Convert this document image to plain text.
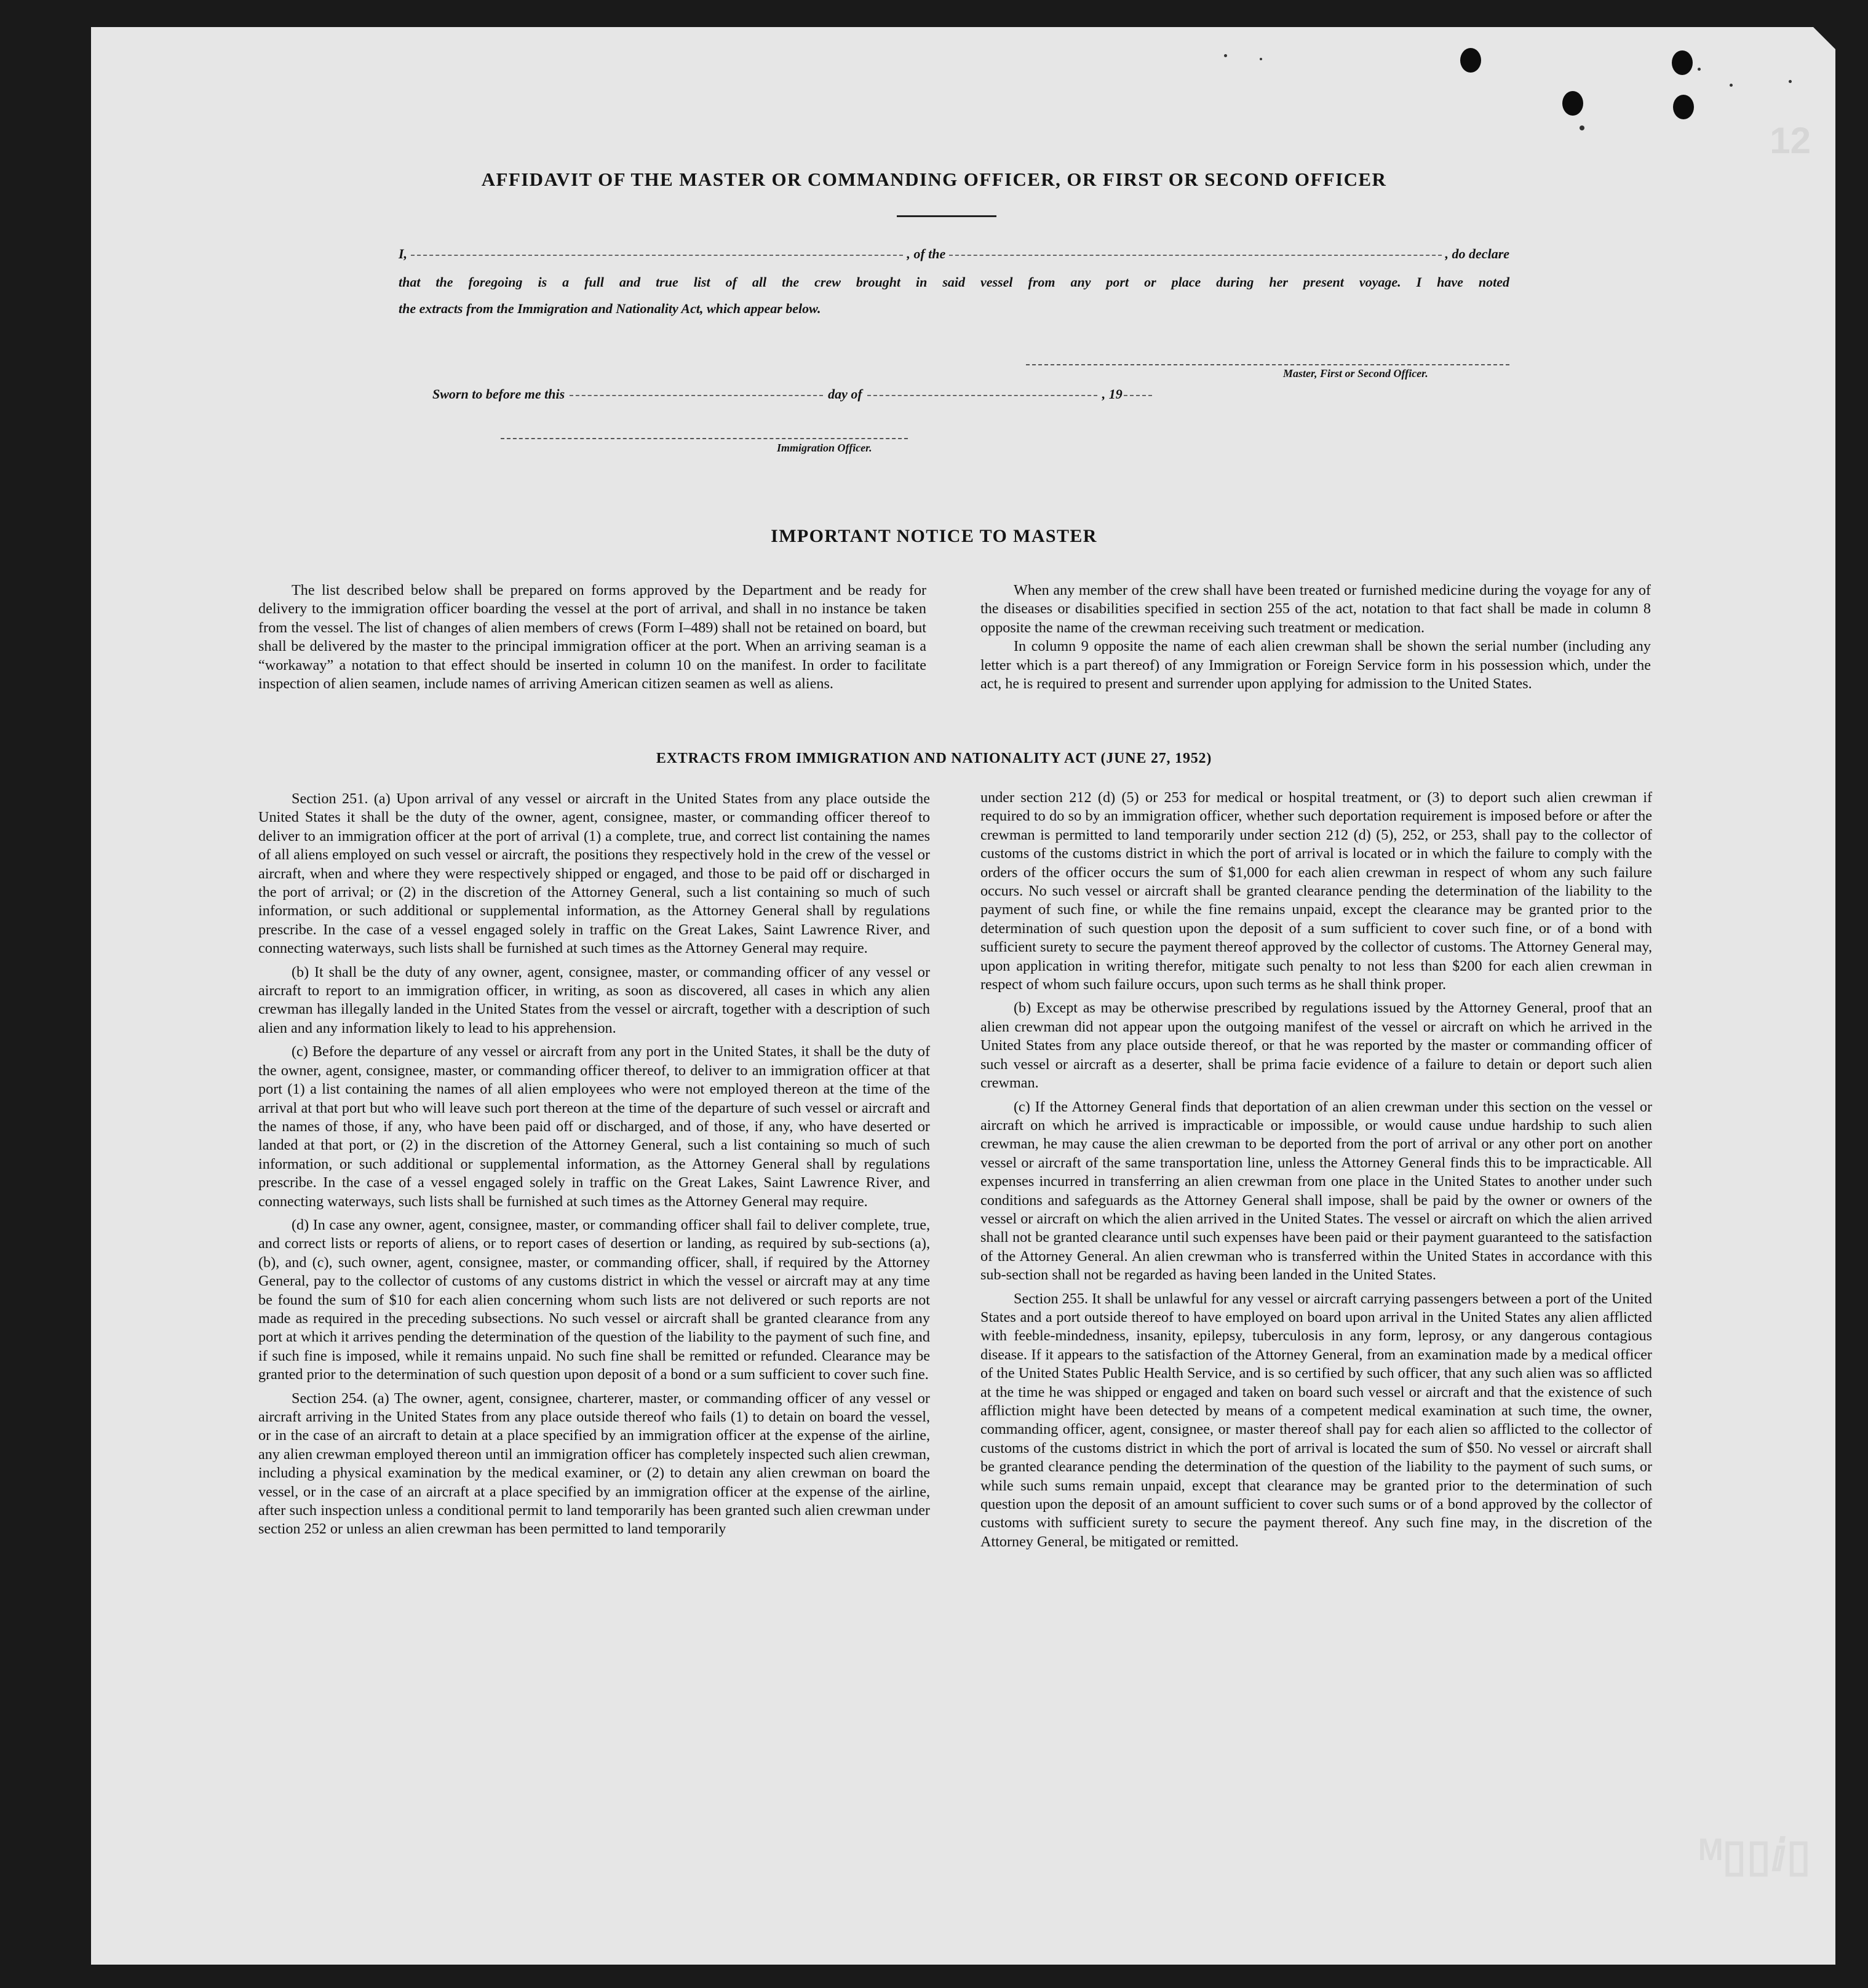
12
ᴹ▯▯ⅈ▯
AFFIDAVIT OF THE MASTER OR COMMANDING OFFICER, OR FIRST OR SECOND OFFICER
I,	, of the	, do declare
that the foregoing is a full and true list of all the crew brought in said vessel from any port or place during her present voyage. I have noted
the extracts from the Immigration and Nationality Act, which appear below.
Master, First or Second Officer.
Sworn to before me this	day of	, 19
Immigration Officer.
IMPORTANT NOTICE TO MASTER

The list described below shall be prepared on forms approved by the Department and be ready for delivery to the immigration officer boarding the vessel at the port of arrival, and shall in no instance be taken from the vessel. The list of changes of alien members of crews (Form I–489) shall not be retained on board, but shall be delivered by the master to the principal immigration officer at the port. When an arriving seaman is a “workaway” a notation to that effect should be inserted in column 10 on the manifest. In order to facilitate inspection of alien seamen, include names of arriving American citizen seamen as well as aliens.

When any member of the crew shall have been treated or furnished medicine during the voyage for any of the diseases or disabilities specified in section 255 of the act, notation to that fact shall be made in column 8 opposite the name of the crewman receiving such treatment or medication.

In column 9 opposite the name of each alien crewman shall be shown the serial number (including any letter which is a part thereof) of any Immigration or Foreign Service form in his possession which, under the act, he is required to present and surrender upon applying for admission to the United States.

EXTRACTS FROM IMMIGRATION AND NATIONALITY ACT (JUNE 27, 1952)

Section 251. (a) Upon arrival of any vessel or aircraft in the United States from any place outside the United States it shall be the duty of the owner, agent, consignee, master, or commanding officer thereof to deliver to an immigration officer at the port of arrival (1) a complete, true, and correct list containing the names of all aliens employed on such vessel or aircraft, the positions they respectively hold in the crew of the vessel or aircraft, when and where they were respectively shipped or engaged, and those to be paid off or discharged in the port of arrival; or (2) in the discretion of the Attorney General, such a list containing so much of such information, or such additional or supplemental information, as the Attorney General shall by regulations prescribe. In the case of a vessel engaged solely in traffic on the Great Lakes, Saint Lawrence River, and connecting waterways, such lists shall be furnished at such times as the Attorney General may require.

(b) It shall be the duty of any owner, agent, consignee, master, or commanding officer of any vessel or aircraft to report to an immigration officer, in writing, as soon as discovered, all cases in which any alien crewman has illegally landed in the United States from the vessel or aircraft, together with a description of such alien and any information likely to lead to his apprehension.

(c) Before the departure of any vessel or aircraft from any port in the United States, it shall be the duty of the owner, agent, consignee, master, or commanding officer thereof, to deliver to an immigration officer at that port (1) a list containing the names of all alien employees who were not employed thereon at the time of the arrival at that port but who will leave such port thereon at the time of the departure of such vessel or aircraft and the names of those, if any, who have been paid off or discharged, and of those, if any, who have deserted or landed at that port, or (2) in the discretion of the Attorney General, such a list containing so much of such information, or such additional or supplemental information, as the Attorney General shall by regulations prescribe. In the case of a vessel engaged solely in traffic on the Great Lakes, Saint Lawrence River, and connecting waterways, such lists shall be furnished at such times as the Attorney General may require.

(d) In case any owner, agent, consignee, master, or commanding officer shall fail to deliver complete, true, and correct lists or reports of aliens, or to report cases of desertion or landing, as required by sub-sections (a), (b), and (c), such owner, agent, consignee, master, or commanding officer, shall, if required by the Attorney General, pay to the collector of customs of any customs district in which the vessel or aircraft may at any time be found the sum of $10 for each alien concerning whom such lists are not delivered or such reports are not made as required in the preceding subsections. No such vessel or aircraft shall be granted clearance from any port at which it arrives pending the determination of the question of the liability to the payment of such fine, and if such fine is imposed, while it remains unpaid. No such fine shall be remitted or refunded. Clearance may be granted prior to the determination of such question upon deposit of a bond or a sum sufficient to cover such fine.

Section 254. (a) The owner, agent, consignee, charterer, master, or commanding officer of any vessel or aircraft arriving in the United States from any place outside thereof who fails (1) to detain on board the vessel, or in the case of an aircraft to detain at a place specified by an immigration officer at the expense of the airline, any alien crewman employed thereon until an immigration officer has completely inspected such alien crewman, including a physical examination by the medical examiner, or (2) to detain any alien crewman on board the vessel, or in the case of an aircraft at a place specified by an immigration officer at the expense of the airline, after such inspection unless a conditional permit to land temporarily has been granted such alien crewman under section 252 or unless an alien crewman has been permitted to land temporarily

under section 212 (d) (5) or 253 for medical or hospital treatment, or (3) to deport such alien crewman if required to do so by an immigration officer, whether such deportation requirement is imposed before or after the crewman is permitted to land temporarily under section 212 (d) (5), 252, or 253, shall pay to the collector of customs of the customs district in which the port of arrival is located or in which the failure to comply with the orders of the officer occurs the sum of $1,000 for each alien crewman in respect of whom any such failure occurs. No such vessel or aircraft shall be granted clearance pending the determination of the liability to the payment of such fine, or while the fine remains unpaid, except the clearance may be granted prior to the determination of such question upon the deposit of a sum sufficient to cover such fine, or of a bond with sufficient surety to secure the payment thereof approved by the collector of customs. The Attorney General may, upon application in writing therefor, mitigate such penalty to not less than $200 for each alien crewman in respect of whom such failure occurs, upon such terms as he shall think proper.

(b) Except as may be otherwise prescribed by regulations issued by the Attorney General, proof that an alien crewman did not appear upon the outgoing manifest of the vessel or aircraft on which he arrived in the United States from any place outside thereof, or that he was reported by the master or commanding officer of such vessel or aircraft as a deserter, shall be prima facie evidence of a failure to detain or deport such alien crewman.

(c) If the Attorney General finds that deportation of an alien crewman under this section on the vessel or aircraft on which he arrived is impracticable or impossible, or would cause undue hardship to such alien crewman, he may cause the alien crewman to be deported from the port of arrival or any other port on another vessel or aircraft of the same transportation line, unless the Attorney General finds this to be impracticable. All expenses incurred in transferring an alien crewman from one place in the United States to another under such conditions and safeguards as the Attorney General shall impose, shall be paid by the owner or owners of the vessel or aircraft on which the alien arrived in the United States. The vessel or aircraft on which the alien arrived shall not be granted clearance until such expenses have been paid or their payment guaranteed to the satisfaction of the Attorney General. An alien crewman who is transferred within the United States in accordance with this sub-section shall not be regarded as having been landed in the United States.

Section 255. It shall be unlawful for any vessel or aircraft carrying passengers between a port of the United States and a port outside thereof to have employed on board upon arrival in the United States any alien afflicted with feeble-mindedness, insanity, epilepsy, tuberculosis in any form, leprosy, or any dangerous contagious disease. If it appears to the satisfaction of the Attorney General, from an examination made by a medical officer of the United States Public Health Service, and is so certified by such officer, that any such alien was so afflicted at the time he was shipped or engaged and taken on board such vessel or aircraft and that the existence of such affliction might have been detected by means of a competent medical examination at such time, the owner, commanding officer, agent, consignee, or master thereof shall pay for each alien so afflicted to the collector of customs of the customs district in which the port of arrival is located the sum of $50. No vessel or aircraft shall be granted clearance pending the determination of the question of the liability to the payment of such sums, or while such sums remain unpaid, except that clearance may be granted prior to the determination of such question upon the deposit of an amount sufficient to cover such sums or of a bond approved by the collector of customs with sufficient surety to secure the payment thereof. Any such fine may, in the discretion of the Attorney General, be mitigated or remitted.
